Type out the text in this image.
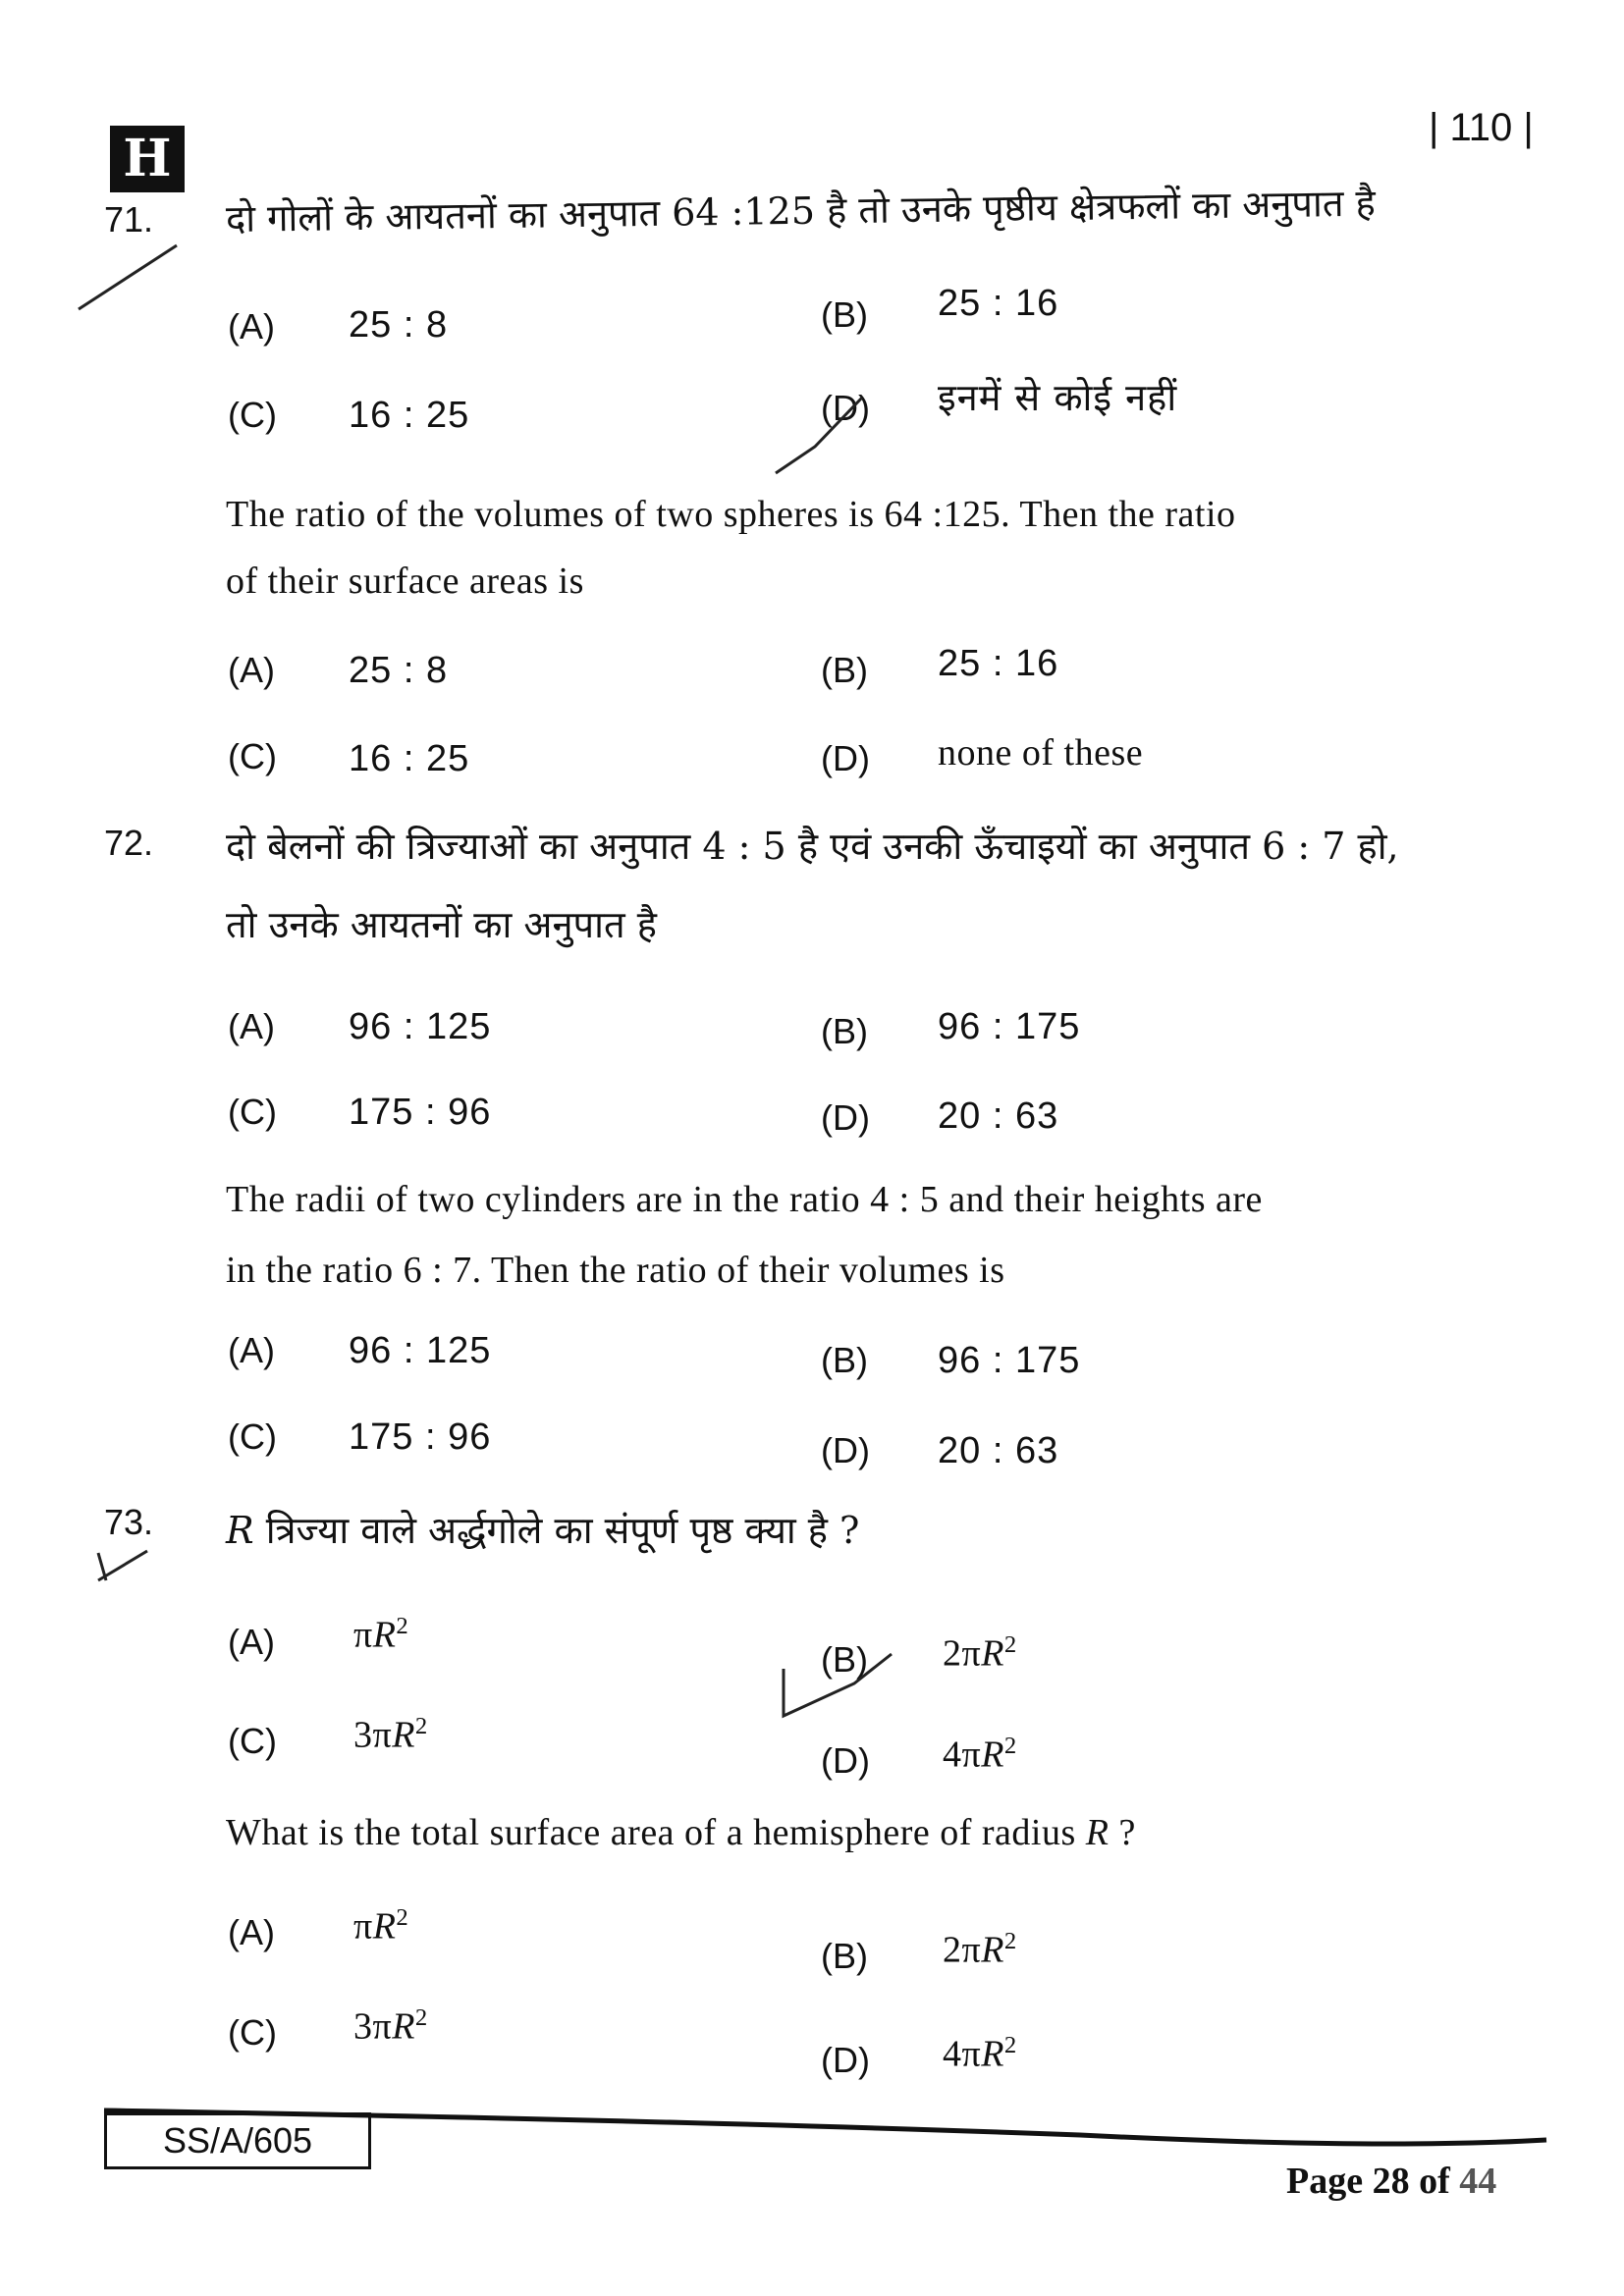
H
| 110 |
71. दो गोलों के आयतनों का अनुपात 64 :125 है तो उनके पृष्ठीय क्षेत्रफलों का अनुपात है
(A) 25 : 8	(B) 25 : 16
(C) 16 : 25	(D) इनमें से कोई नहीं
The ratio of the volumes of two spheres is 64 :125. Then the ratio
of their surface areas is
(A) 25 : 8	(B) 25 : 16
(C) 16 : 25	(D) none of these
72. दो बेलनों की त्रिज्याओं का अनुपात 4 : 5 है एवं उनकी ऊँचाइयों का अनुपात 6 : 7 हो,
तो उनके आयतनों का अनुपात है
(A) 96 : 125	(B) 96 : 175
(C) 175 : 96	(D) 20 : 63
The radii of two cylinders are in the ratio 4 : 5 and their heights are
in the ratio 6 : 7. Then the ratio of their volumes is
(A) 96 : 125	(B) 96 : 175
(C) 175 : 96	(D) 20 : 63
73. R त्रिज्या वाले अर्द्धगोले का संपूर्ण पृष्ठ क्या है ?
(A) $\pi R^2$
(B) $2\pi R^2$
(C) $3\pi R^2$
(D) $4\pi R^2$
What is the total surface area of a hemisphere of radius R ?
(A) $\pi R^2$
(B) $2\pi R^2$
(C) $3\pi R^2$
(D) $4\pi R^2$
SS/A/605
Page 28 of 44
